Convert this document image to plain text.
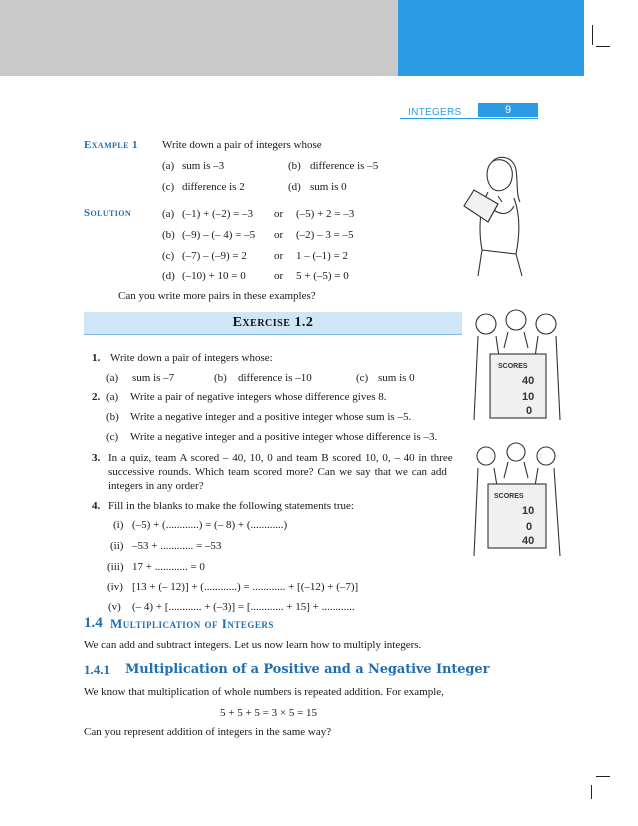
INTEGERS	9
Example 1 Write down a pair of integers whose
(a) sum is –3	(b) difference is –5
(c) difference is 2	(d) sum is 0
Solution	(a) (–1) + (–2) = –3 or (–5) + 2 = –3
(b) (–9) – (– 4) = –5 or (–2) – 3 = –5
(c) (–7) – (–9) = 2 or 1 – (–1) = 2
(d) (–10) + 10 = 0	or 5 + (–5) = 0
Can you write more pairs in these examples?
Exercise 1.2
1. Write down a pair of integers whose:
(a) sum is –7	(b) difference is –10	(c) sum is 0
2. (a) Write a pair of negative integers whose difference gives 8.
(b) Write a negative integer and a positive integer whose sum is –5.
(c) Write a negative integer and a positive integer whose difference is –3.
3. In a quiz, team A scored – 40, 10, 0 and team B scored 10, 0, – 40 in three
successive rounds. Which team scored more? Can we say that we can add
integers in any order?
4. Fill in the blanks to make the following statements true:
(i) (–5) + (............) = (– 8) + (............)
(ii) –53 + ............ = –53
(iii) 17 + ............ = 0
(iv) [13 + (– 12)] + (............) = ............ + [(–12) + (–7)]
(v) (– 4) + [............ + (–3)] = [............ + 15] + ............
SCORES
40
10
0
SCORES
10
0
40
1.4 Multiplication of Integers
We can add and subtract integers. Let us now learn how to multiply integers.
1.4.1 Multiplication of a Positive and a Negative Integer
We know that multiplication of whole numbers is repeated addition. For example,
5 + 5 + 5 = 3 × 5 = 15
Can you represent addition of integers in the same way?
